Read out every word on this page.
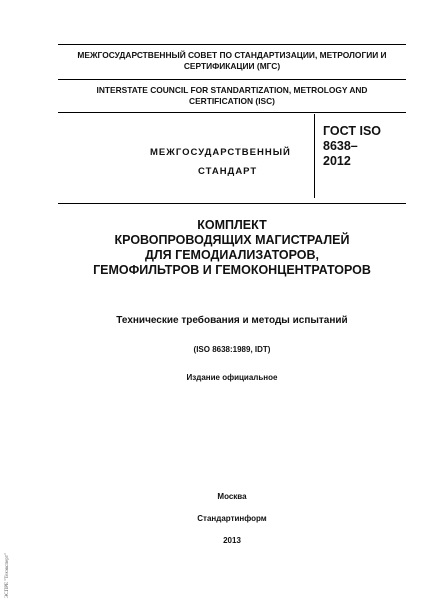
МЕЖГОСУДАРСТВЕННЫЙ СОВЕТ ПО СТАНДАРТИЗАЦИИ, МЕТРОЛОГИИ И
СЕРТИФИКАЦИИ (МГС)
INTERSTATE COUNCIL FOR STANDARTIZATION, METROLOGY AND
CERTIFICATION (ISC)
МЕЖГОСУДАРСТВЕННЫЙ
СТАНДАРТ
ГОСТ ISO
8638–
2012
КОМПЛЕКТ
КРОВОПРОВОДЯЩИХ МАГИСТРАЛЕЙ
ДЛЯ ГЕМОДИАЛИЗАТОРОВ,
ГЕМОФИЛЬТРОВ И ГЕМОКОНЦЕНТРАТОРОВ
Технические требования и методы испытаний
(ISO 8638:1989, IDT)
Издание официальное
Москва
Стандартинформ
2013
ЭСПРЕ "Техэксперт"
